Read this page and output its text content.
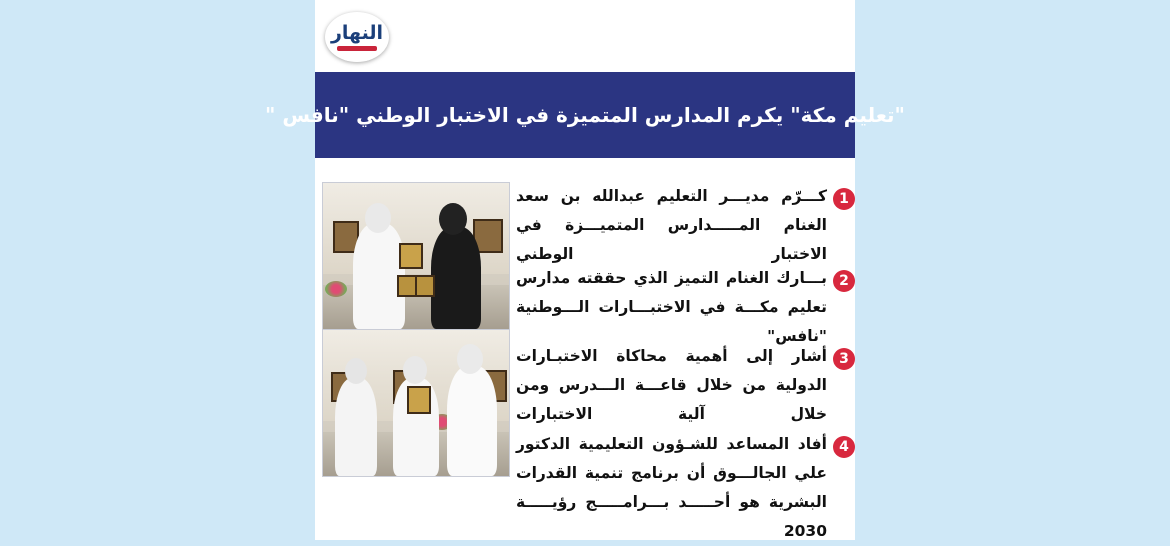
النهار
"تعليم مكة" يكرم المدارس المتميزة في الاختبار الوطني "نافس "
1
كـــرّم مديـــر التعليم عبدالله بن سعد الغنام المـــــدارس المتميـــزة في الاختبار الوطني
2
بـــارك الغنام التميز الذي حققته مدارس تعليم مكـــة في الاختبـــارات الـــوطنية "نافس"
3
أشار إلى أهمية محاكاة الاختبـارات الدولية من خلال قاعـــة الـــدرس ومن خلال آلية الاختبارات
4
أفاد المساعد للشـؤون التعليمية الدكتور علي الجالـــوق أن برنامج تنمية القدرات البشرية هو أحـــــد بـــرامـــــج رؤيـــــة 2030
